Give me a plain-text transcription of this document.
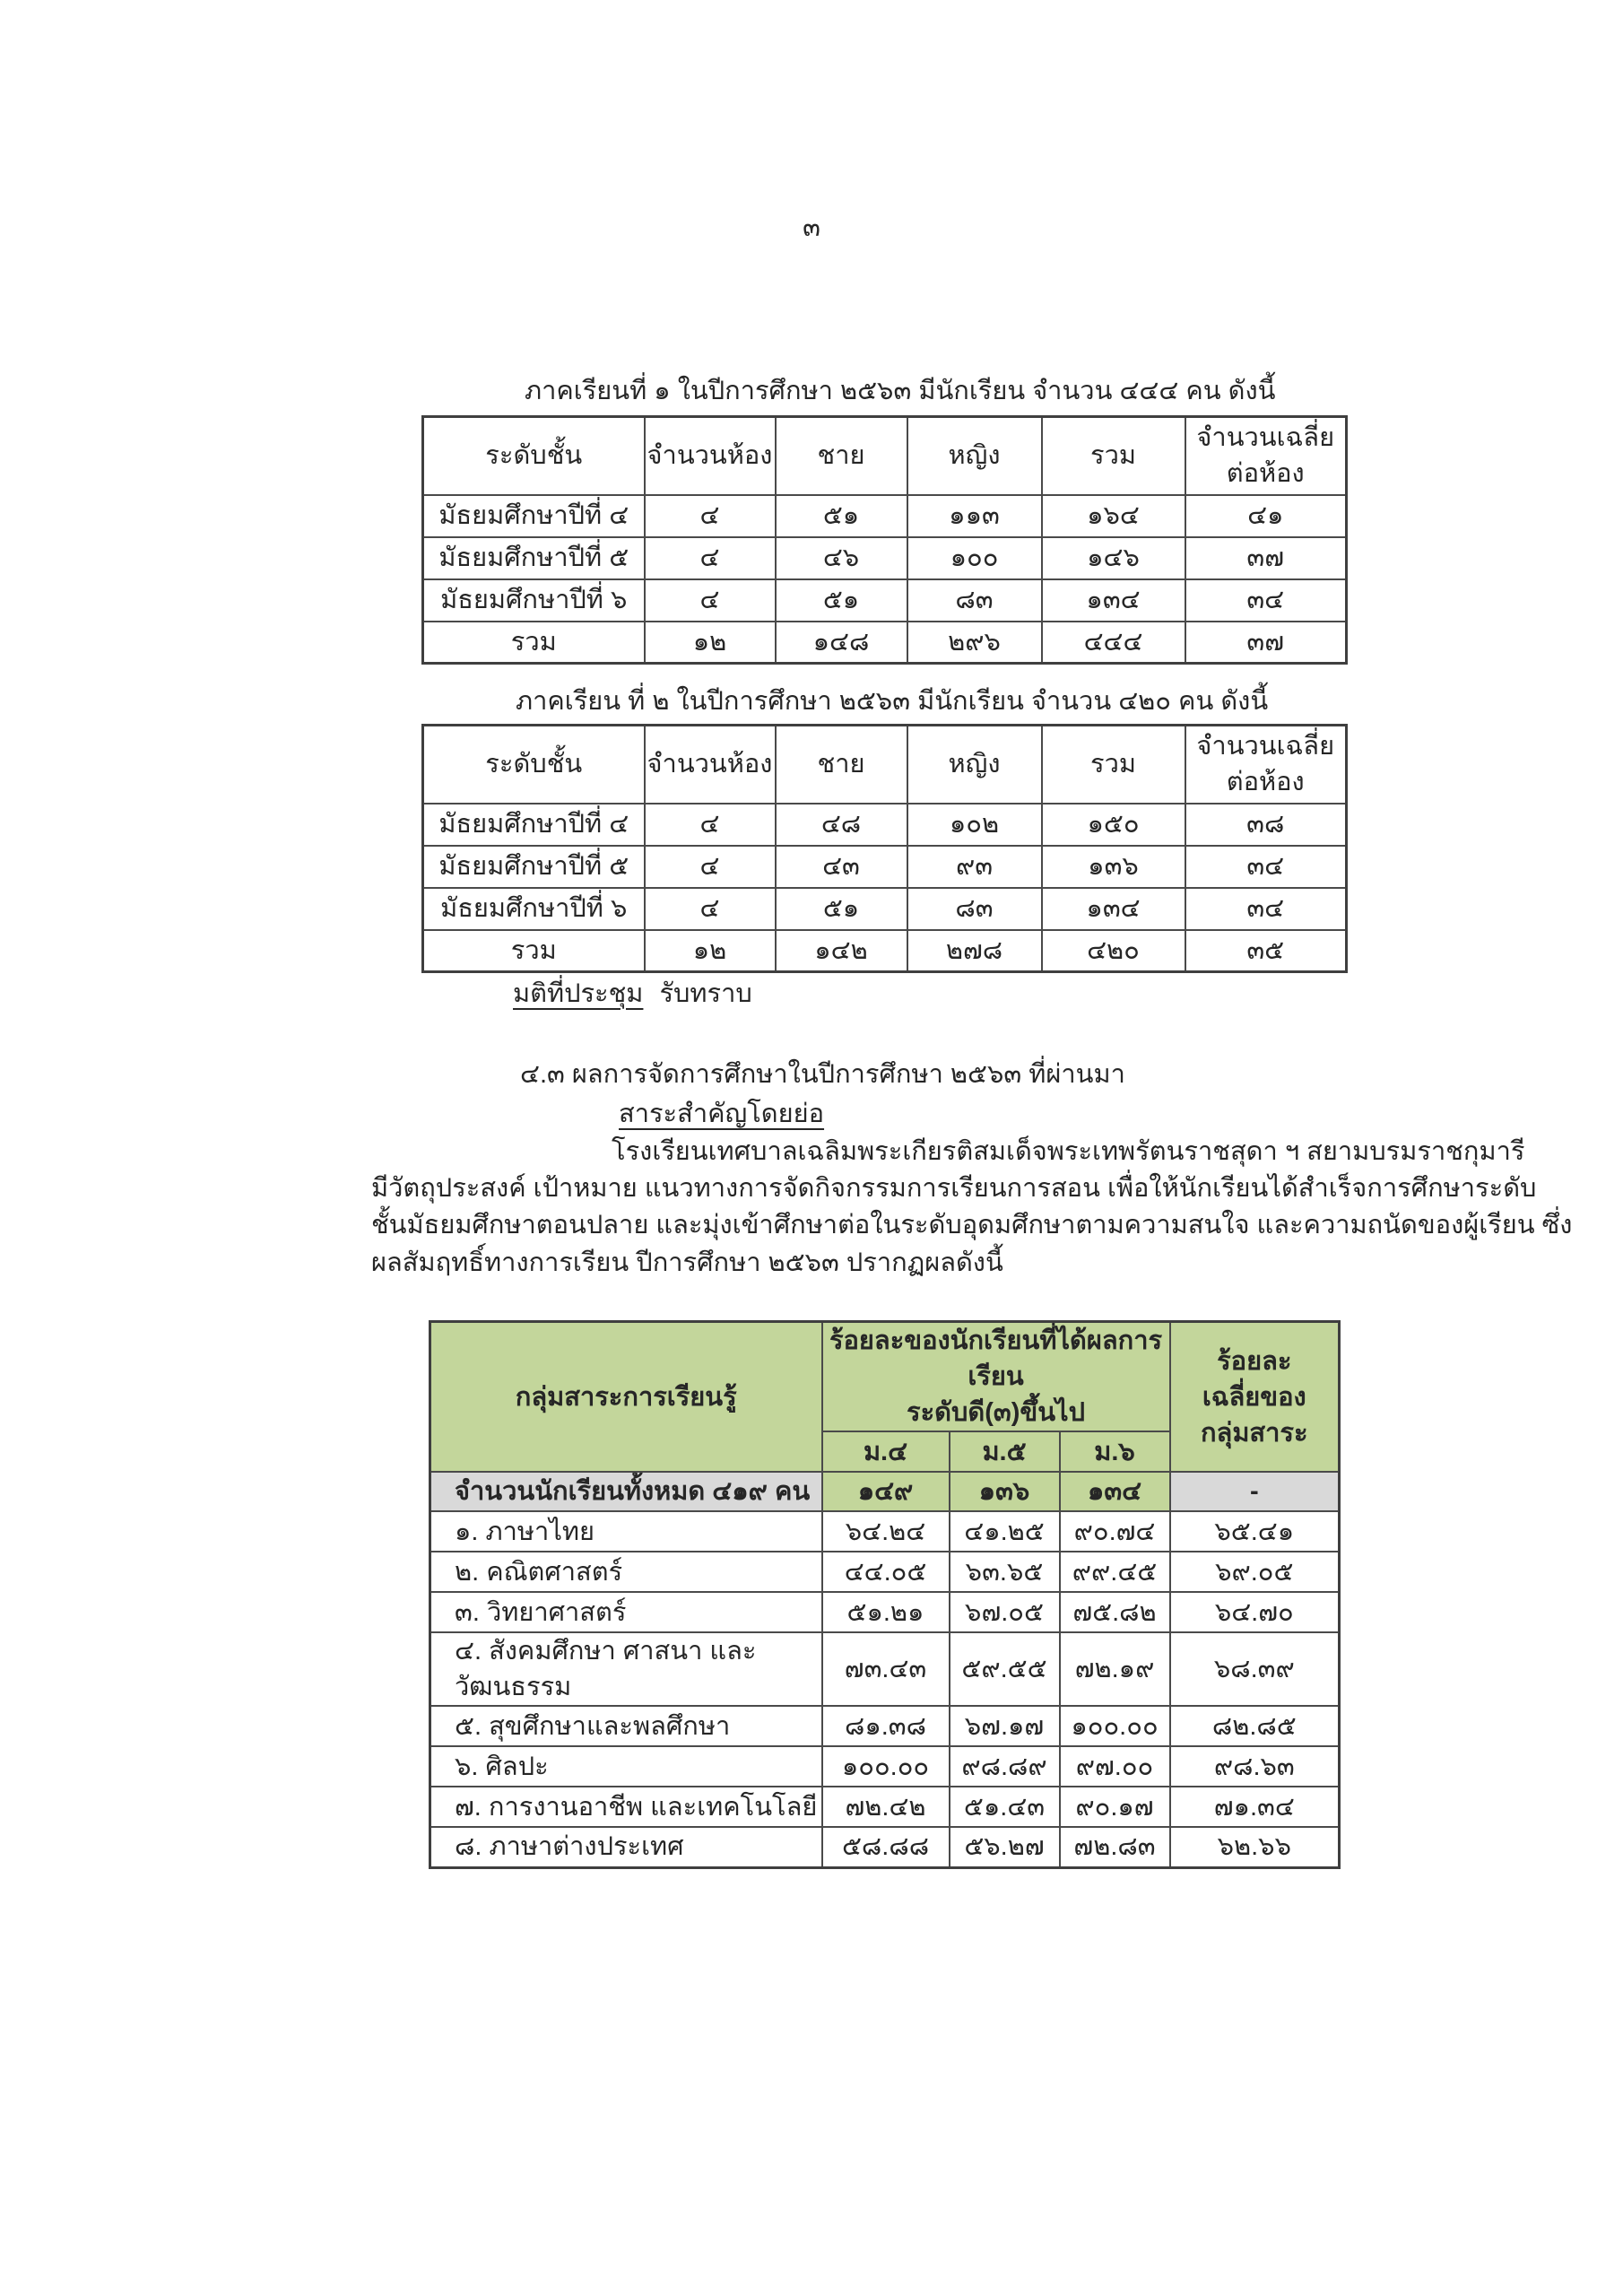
๓
ภาคเรียนที่ ๑ ในปีการศึกษา ๒๕๖๓ มีนักเรียน จำนวน ๔๔๔ คน ดังนี้
ระดับชั้น	จำนวนห้อง	ชาย	หญิง	รวม	จำนวนเฉลี่ย
ต่อห้อง
มัธยมศึกษาปีที่ ๔	๔	๕๑	๑๑๓	๑๖๔	๔๑
มัธยมศึกษาปีที่ ๕	๔	๔๖	๑๐๐	๑๔๖	๓๗
มัธยมศึกษาปีที่ ๖	๔	๕๑	๘๓	๑๓๔	๓๔
รวม	๑๒	๑๔๘	๒๙๖	๔๔๔	๓๗
ภาคเรียน ที่ ๒ ในปีการศึกษา ๒๕๖๓ มีนักเรียน จำนวน ๔๒๐ คน ดังนี้
ระดับชั้น	จำนวนห้อง	ชาย	หญิง	รวม	จำนวนเฉลี่ย
ต่อห้อง
มัธยมศึกษาปีที่ ๔	๔	๔๘	๑๐๒	๑๕๐	๓๘
มัธยมศึกษาปีที่ ๕	๔	๔๓	๙๓	๑๓๖	๓๔
มัธยมศึกษาปีที่ ๖	๔	๕๑	๘๓	๑๓๔	๓๔
รวม	๑๒	๑๔๒	๒๗๘	๔๒๐	๓๕
มติที่ประชุม รับทราบ
๔.๓ ผลการจัดการศึกษาในปีการศึกษา ๒๕๖๓ ที่ผ่านมา
สาระสำคัญโดยย่อ
โรงเรียนเทศบาลเฉลิมพระเกียรติสมเด็จพระเทพรัตนราชสุดา ฯ สยามบรมราชกุมารี
มีวัตถุประสงค์ เป้าหมาย แนวทางการจัดกิจกรรมการเรียนการสอน เพื่อให้นักเรียนได้สำเร็จการศึกษาระดับ
ชั้นมัธยมศึกษาตอนปลาย และมุ่งเข้าศึกษาต่อในระดับอุดมศึกษาตามความสนใจ และความถนัดของผู้เรียน ซึ่ง
ผลสัมฤทธิ์ทางการเรียน ปีการศึกษา ๒๕๖๓ ปรากฏผลดังนี้
กลุ่มสาระการเรียนรู้	ร้อยละของนักเรียนที่ได้ผลการเรียน
ระดับดี(๓)ขึ้นไป			ร้อยละ
เฉลี่ยของ
กลุ่มสาระ
	ม.๔	ม.๕	ม.๖	
จำนวนนักเรียนทั้งหมด ๔๑๙ คน	๑๔๙	๑๓๖	๑๓๔	-
๑. ภาษาไทย	๖๔.๒๔	๔๑.๒๕	๙๐.๗๔	๖๕.๔๑
๒. คณิตศาสตร์	๔๔.๐๕	๖๓.๖๕	๙๙.๔๕	๖๙.๐๕
๓. วิทยาศาสตร์	๕๑.๒๑	๖๗.๐๕	๗๕.๘๒	๖๔.๗๐
๔. สังคมศึกษา ศาสนา และวัฒนธรรม	๗๓.๔๓	๕๙.๕๕	๗๒.๑๙	๖๘.๓๙
๕. สุขศึกษาและพลศึกษา	๘๑.๓๘	๖๗.๑๗	๑๐๐.๐๐	๘๒.๘๕
๖. ศิลปะ	๑๐๐.๐๐	๙๘.๘๙	๙๗.๐๐	๙๘.๖๓
๗. การงานอาชีพ และเทคโนโลยี	๗๒.๔๒	๕๑.๔๓	๙๐.๑๗	๗๑.๓๔
๘. ภาษาต่างประเทศ	๕๘.๘๘	๕๖.๒๗	๗๒.๘๓	๖๒.๖๖
